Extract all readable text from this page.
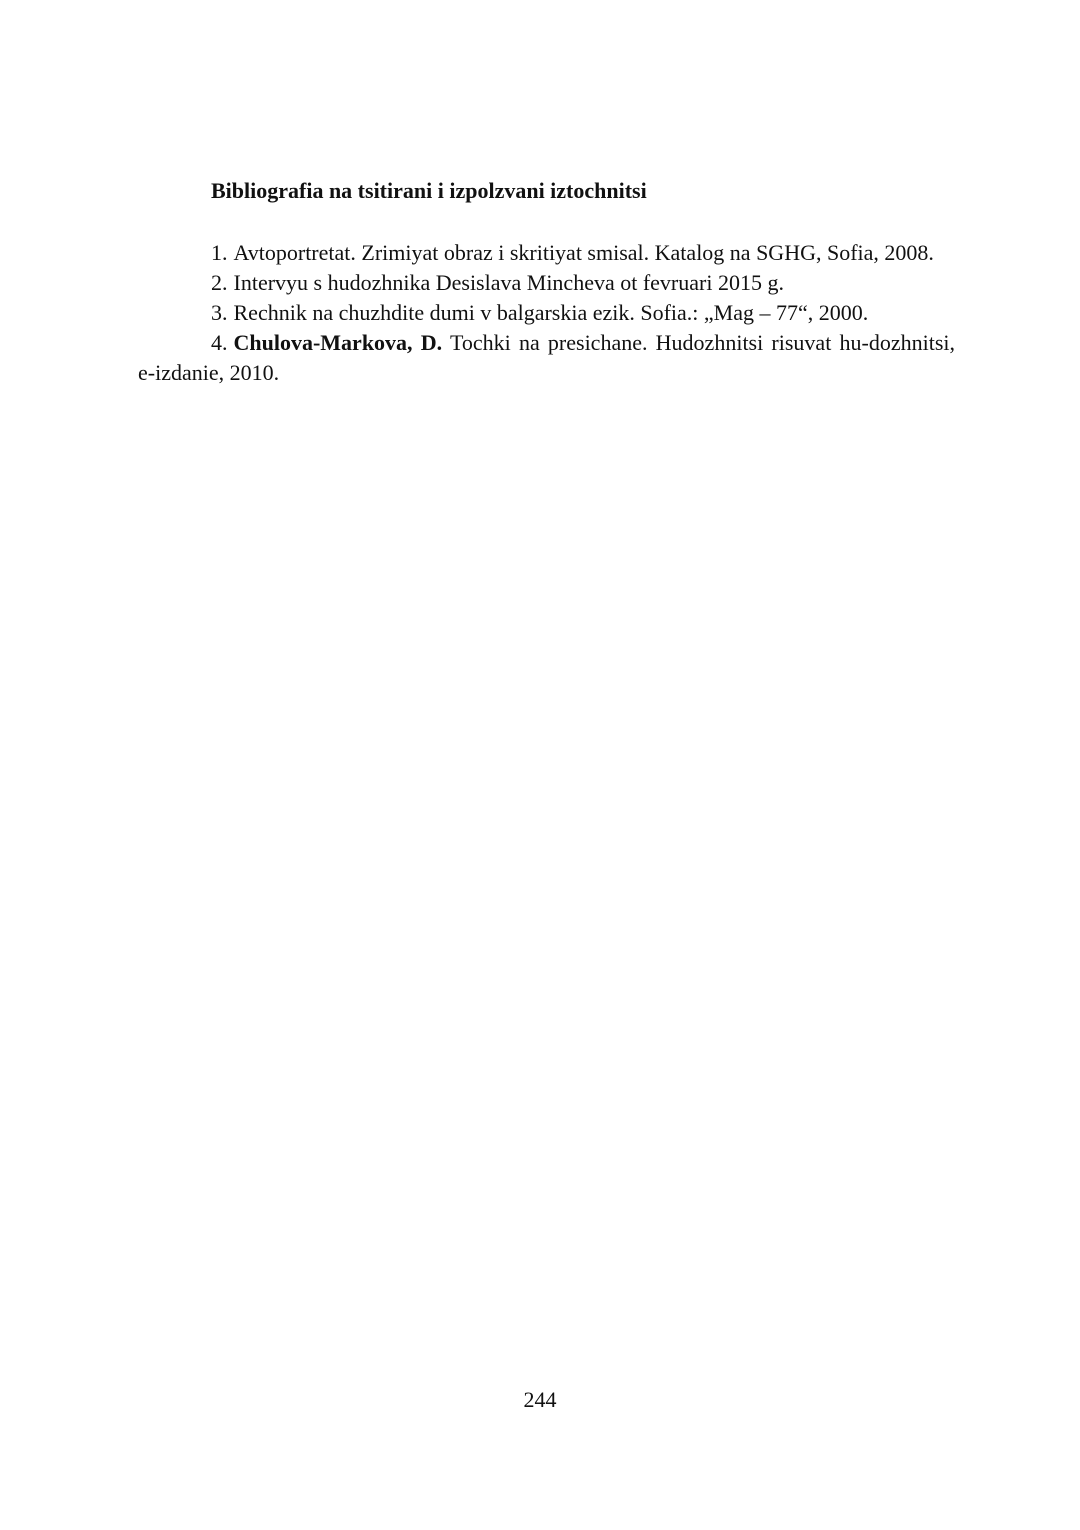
Bibliografia na tsitirani i izpolzvani iztochnitsi

1. Avtoportretat. Zrimiyat obraz i skritiyat smisal. Katalog na SGHG, Sofia, 2008.

2. Intervyu s hudozhnika Desislava Mincheva ot fevruari 2015 g.

3. Rechnik na chuzhdite dumi v balgarskia ezik. Sofia.: „Mag – 77“, 2000.

4. Chulova-Markova, D. Tochki na presichane. Hudozhnitsi risuvat hu-dozhnitsi, e-izdanie, 2010.

244
